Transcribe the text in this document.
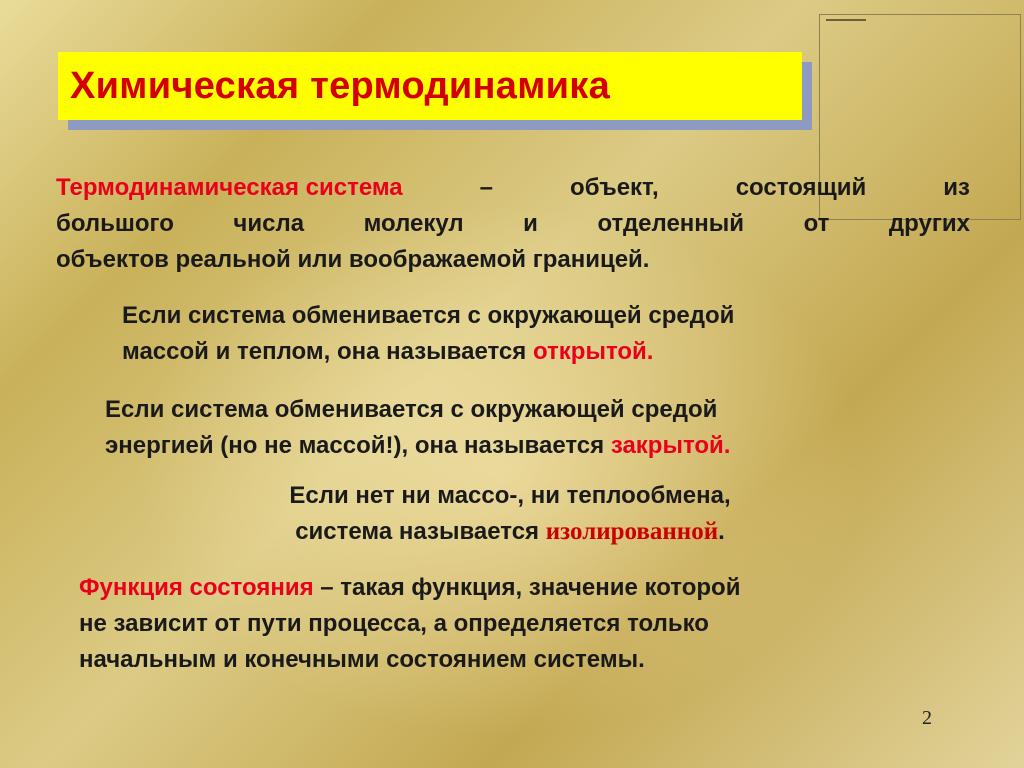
Химическая термодинамика
Термодинамическая система	–	объект,	состоящий	из
большого числа молекул и отделенный от других
объектов реальной или воображаемой границей.
Если система обменивается с окружающей средой
массой и теплом, она называется открытой.
Если система обменивается с окружающей средой
энергией (но не массой!), она называется закрытой.
Если нет ни массо-, ни теплообмена,
система называется изолированной.
Функция состояния – такая функция, значение которой
не зависит от пути процесса, а определяется только
начальным и конечными состоянием системы.
2
